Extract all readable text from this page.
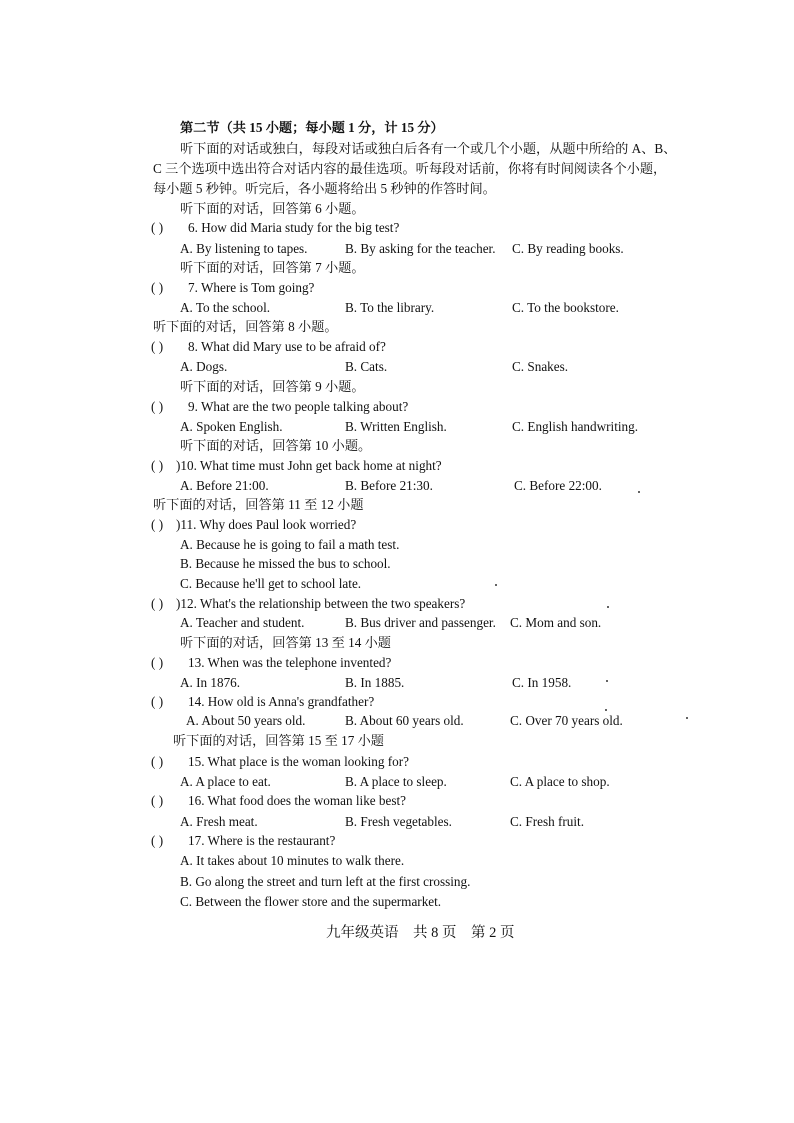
第二节（共 15 小题；每小题 1 分，计 15 分）
听下面的对话或独白，每段对话或独白后各有一个或几个小题，从题中所给的 A、B、
C 三个选项中选出符合对话内容的最佳选项。听每段对话前，你将有时间阅读各个小题，
每小题 5 秒钟。听完后，各小题将给出 5 秒钟的作答时间。
听下面的对话，回答第 6 小题。
( ) 6. How did Maria study for the big test?
A. By listening to tapes.	B. By asking for the teacher. C. By reading books.
听下面的对话，回答第 7 小题。
( ) 7. Where is Tom going?
A. To the school.	B. To the library.	C. To the bookstore.
听下面的对话，回答第 8 小题。
( ) 8. What did Mary use to be afraid of?
A. Dogs.	B. Cats.	C. Snakes.
听下面的对话，回答第 9 小题。
( ) 9. What are the two people talking about?
A. Spoken English.	B. Written English.	C. English handwriting.
听下面的对话，回答第 10 小题。
( ) )10. What time must John get back home at night?
A. Before 21:00.	B. Before 21:30.	C. Before 22:00.
听下面的对话，回答第 11 至 12 小题
( ) )11. Why does Paul look worried?
A. Because he is going to fail a math test.
B. Because he missed the bus to school.
C. Because he'll get to school late.
( ) )12. What's the relationship between the two speakers?
A. Teacher and student.	B. Bus driver and passenger. C. Mom and son.
听下面的对话，回答第 13 至 14 小题
( ) 13. When was the telephone invented?
A. In 1876.	B. In 1885.	C. In 1958.
( ) 14. How old is Anna's grandfather?
A. About 50 years old.	B. About 60 years old.	C. Over 70 years old.
听下面的对话，回答第 15 至 17 小题
( ) 15. What place is the woman looking for?
A. A place to eat.	B. A place to sleep.	C. A place to shop.
( ) 16. What food does the woman like best?
A. Fresh meat.	B. Fresh vegetables.	C. Fresh fruit.
( ) 17. Where is the restaurant?
A. It takes about 10 minutes to walk there.
B. Go along the street and turn left at the first crossing.
C. Between the flower store and the supermarket.
九年级英语　共 8 页　第 2 页
